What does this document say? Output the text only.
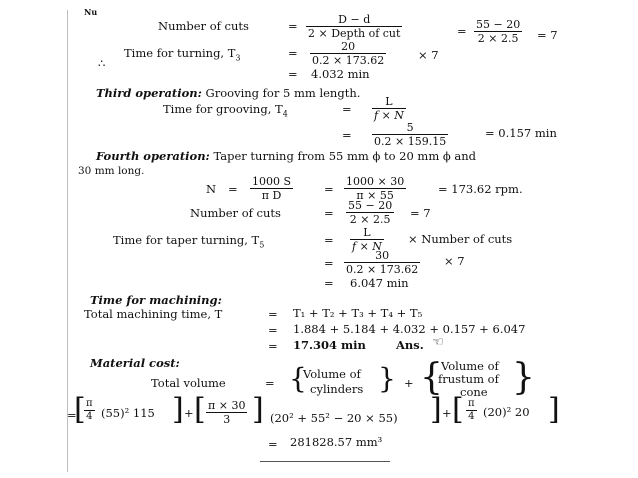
Nu
Number of cuts	=	D − d
2 × Depth of cut	= 55 − 20
2 × 2.5 = 7
∴
Time for turning, $T_3$	=	20
0.2 × 173.62	× 7
= 4.032 min
Third operation: Grooving for 5 mm length.
Time for grooving, $T_4$	=
L
f × N
=
5
0.2 × 159.15
= 0.157 min
Fourth operation: Taper turning from 55 mm ϕ to 20 mm ϕ and
30 mm long.
N =
1000 S
π D	=
1000 × 30
π × 55	= 173.62 rpm.
Number of cuts	=
55 − 20
2 × 2.5 = 7
Time for taper turning, $T_5$	=
L
f × N
× Number of cuts
=
30
0.2 × 173.62
× 7
= 6.047 min
Time for machining:
Total machining time, T	= T₁ + T₂ + T₃ + T₄ + T₅
= 1.884 + 5.184 + 4.032 + 0.157 + 6.047
= 17.304 min	Ans. ☜
Material cost:
Total volume	= {
Volume of
cylinders } + {
Volume of
frustum of
cone }
=
[ π
4 (55)² 115 ] + [ π × 30
3 ] (20² + 55² − 20 × 55) ] + [ π
4 (20)² 20 ]
= 281828.57 mm³
